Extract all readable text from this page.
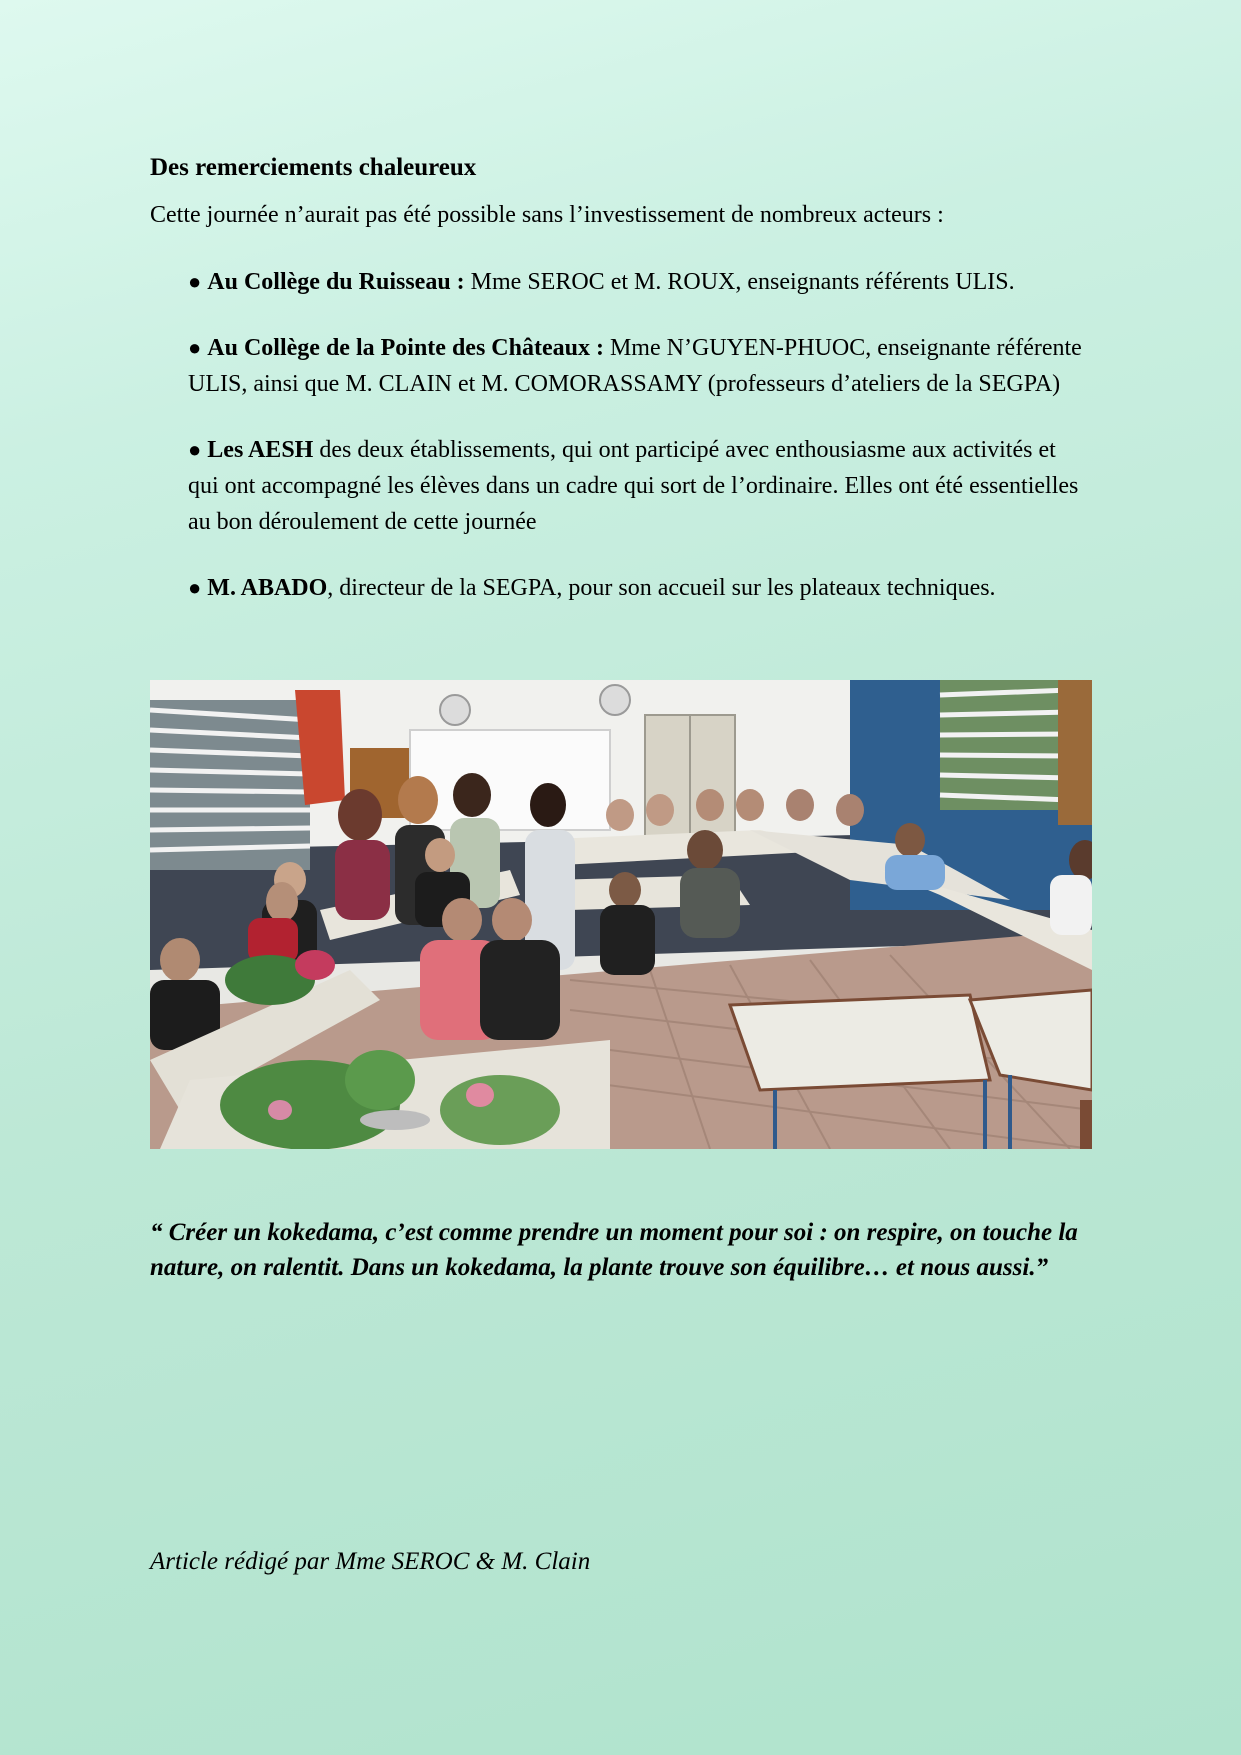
Des remerciements chaleureux
Cette journée n’aurait pas été possible sans l’investissement de nombreux acteurs :
● Au Collège du Ruisseau : Mme SEROC et M. ROUX, enseignants référents ULIS.
● Au Collège de la Pointe des Châteaux : Mme N’GUYEN-PHUOC, enseignante référente ULIS, ainsi que M. CLAIN et M. COMORASSAMY (professeurs d’ateliers de la SEGPA)
● Les AESH des deux établissements, qui ont participé avec enthousiasme aux activités et qui ont accompagné les élèves dans un cadre qui sort de l’ordinaire. Elles ont été essentielles au bon déroulement de cette journée
● M. ABADO, directeur de la SEGPA, pour son accueil sur les plateaux techniques.
“ Créer un kokedama, c’est comme prendre un moment pour soi : on respire, on touche la nature, on ralentit. Dans un kokedama, la plante trouve son équilibre… et nous aussi.”
Article rédigé par Mme SEROC & M. Clain
